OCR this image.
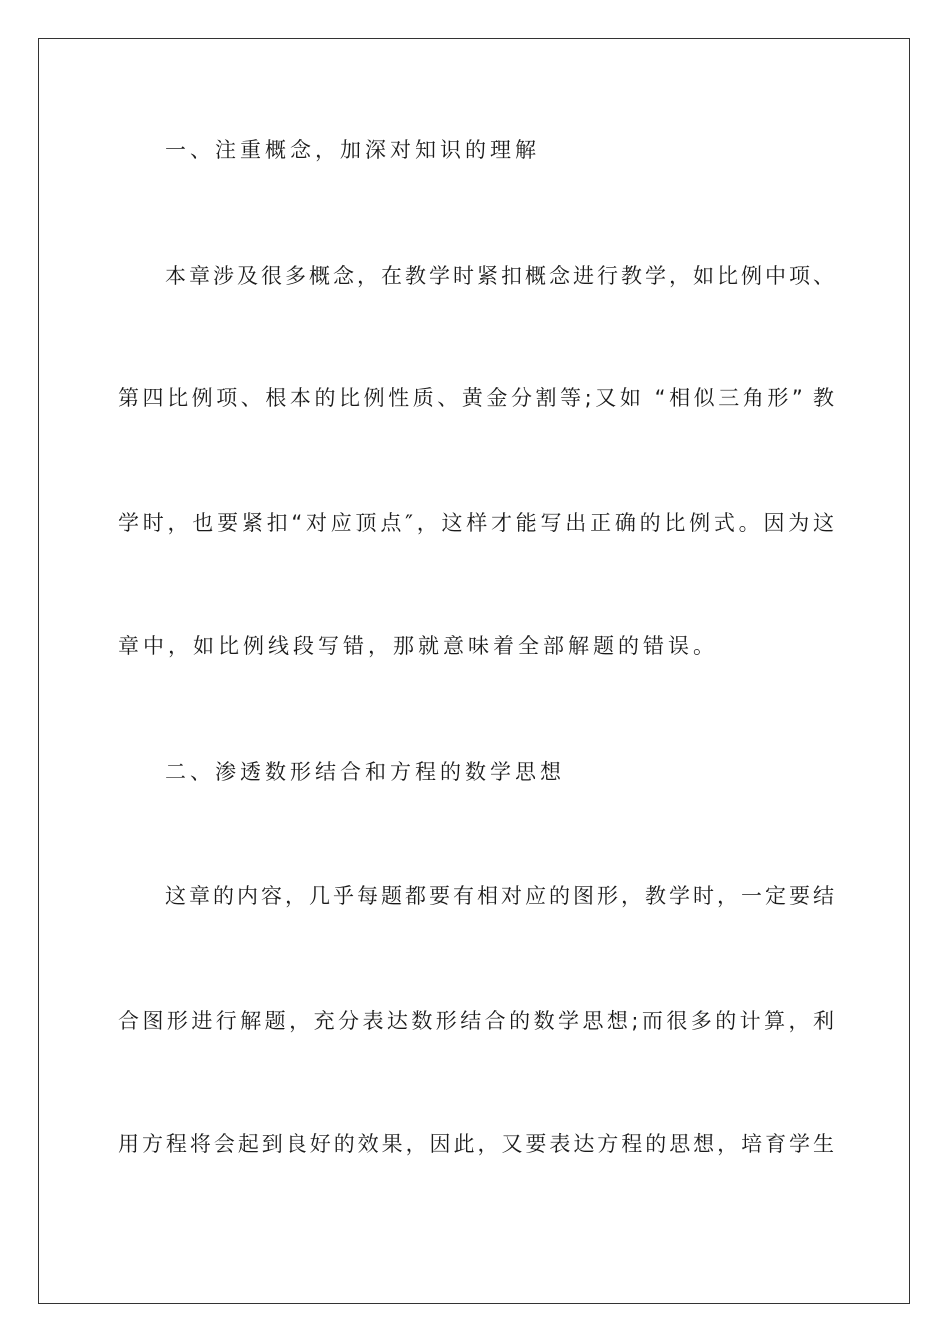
一、注重概念，加深对知识的理解
本章涉及很多概念，在教学时紧扣概念进行教学，如比例中项、
第四比例项、根本的比例性质、黄金分割等;又如 “相似三角形” 教
学时，也要紧扣“对应顶点″，这样才能写出正确的比例式。因为这
章中，如比例线段写错，那就意味着全部解题的错误。
二、渗透数形结合和方程的数学思想
这章的内容，几乎每题都要有相对应的图形，教学时，一定要结
合图形进行解题，充分表达数形结合的数学思想;而很多的计算，利
用方程将会起到良好的效果，因此，又要表达方程的思想，培育学生
